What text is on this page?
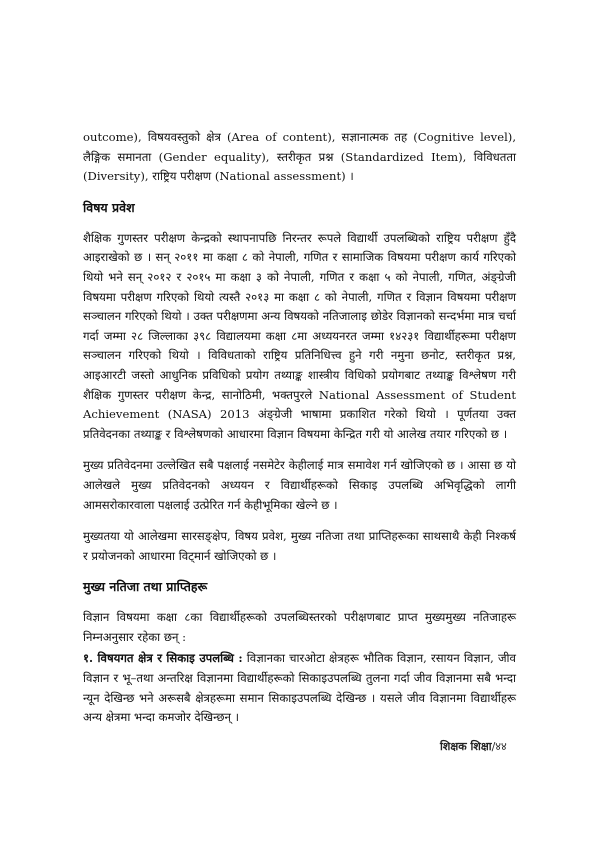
outcome), विषयवस्तुको क्षेत्र (Area of content), सज्ञानात्मक तह (Cognitive level), लैङ्गिक समानता (Gender equality), स्तरीकृत प्रश्न (Standardized Item), विविधतता (Diversity), राष्ट्रिय परीक्षण (National assessment) ।

विषय प्रवेश

शैक्षिक गुणस्तर परीक्षण केन्द्रको स्थापनापछि निरन्तर रूपले विद्यार्थी उपलब्धिको राष्ट्रिय परीक्षण हुँदै आइराखेको छ । सन् २०११ मा कक्षा ८ को नेपाली, गणित र सामाजिक विषयमा परीक्षण कार्य गरिएको थियो भने सन् २०१२ र २०१५ मा कक्षा ३ को नेपाली, गणित र कक्षा ५ को नेपाली, गणित, अंङ्ग्रेजी विषयमा परीक्षण गरिएको थियो त्यस्तै २०१३ मा कक्षा ८ को नेपाली, गणित र विज्ञान विषयमा परीक्षण सञ्चालन गरिएको थियो । उक्त परीक्षणमा अन्य विषयको नतिजालाइ छोडेर विज्ञानको सन्दर्भमा मात्र चर्चा गर्दा जम्मा २८ जिल्लाका ३९८ विद्यालयमा कक्षा ८मा अध्ययनरत जम्मा १४२३१ विद्यार्थीहरूमा परीक्षण सञ्चालन गरिएको थियो । विविधताको राष्ट्रिय प्रतिनिधित्त्व हुने गरी नमुना छनोट, स्तरीकृत प्रश्न, आइआरटी जस्तो आधुनिक प्रविधिको प्रयोग तथ्याङ्क शास्त्रीय विधिको प्रयोगबाट तथ्याङ्क विश्लेषण गरी शैक्षिक गुणस्तर परीक्षण केन्द्र, सानोठिमी, भक्तपुरले National Assessment of Student Achievement (NASA) 2013 अंङ्ग्रेजी भाषामा प्रकाशित गरेको थियो । पूर्णतया उक्त प्रतिवेदनका तथ्याङ्क र विश्लेषणको आधारमा विज्ञान विषयमा केन्द्रित गरी यो आलेख तयार गरिएको छ ।

मुख्य प्रतिवेदनमा उल्लेखित सबै पक्षलाई नसमेटेर केहीलाई मात्र समावेश गर्न खोजिएको छ । आसा छ यो आलेखले मुख्य प्रतिवेदनको अध्ययन र विद्यार्थीहरूको सिकाइ उपलब्धि अभिवृद्धिको लागी आमसरोकारवाला पक्षलाई उत्प्रेरित गर्न केहीभूमिका खेल्ने छ ।

मुख्यतया यो आलेखमा सारसङ्क्षेप, विषय प्रवेश, मुख्य नतिजा तथा प्राप्तिहरूका साथसाथै केही निश्कर्ष र प्रयोजनको आधारमा विट्मार्न खोजिएको छ ।

मुख्य नतिजा तथा प्राप्तिहरू

विज्ञान विषयमा कक्षा ८का विद्यार्थीहरूको उपलब्धिस्तरको परीक्षणबाट प्राप्त मुख्यमुख्य नतिजाहरू निम्नअनुसार रहेका छन् :

१. विषयगत क्षेत्र र सिकाइ उपलब्धि : विज्ञानका चारओटा क्षेत्रहरू भौतिक विज्ञान, रसायन विज्ञान, जीव विज्ञान र भू–तथा अन्तरिक्ष विज्ञानमा विद्यार्थीहरूको सिकाइउपलब्धि तुलना गर्दा जीव विज्ञानमा सबै भन्दा न्यून देखिन्छ भने अरूसबै क्षेत्रहरूमा समान सिकाइउपलब्धि देखिन्छ । यसले जीव विज्ञानमा विद्यार्थीहरू अन्य क्षेत्रमा भन्दा कमजोर देखिन्छन् ।

शिक्षक शिक्षा/४४
